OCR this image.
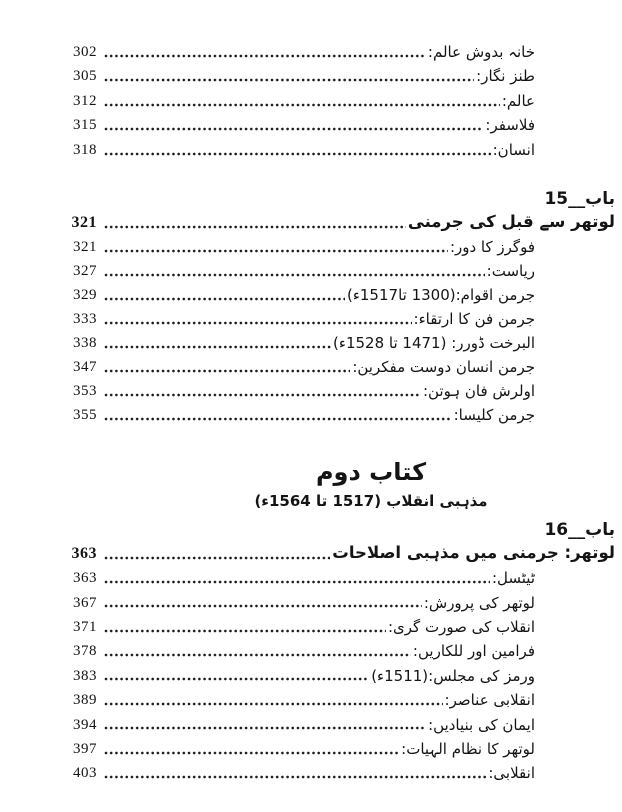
302	خانہ بدوش عالم:
305	طنز نگار:
312	عالم:
315	فلاسفر:
318	انسان:
باب__15
321	لوتھر سے قبل کی جرمنی
321	فوگرز کا دور:
327	ریاست:
329	جرمن اقوام:(1300 تا1517ء)
333	جرمن فن کا ارتقاء:
338	البرخت ڈورر: (1471 تا 1528ء)
347	جرمن انسان دوست مفکرین:
353	اولرش فان ہوتن:
355	جرمن کلیسا:
کتاب دوم
مذہبی انقلاب (1517 تا 1564ء)
باب__16
363	لوتھر: جرمنی میں مذہبی اصلاحات
363	ٹیٹسل:
367	لوتھر کی پرورش:
371	انقلاب کی صورت گری:
378	فرامین اور للکاریں:
383	ورمز کی مجلس:(1511ء)
389	انقلابی عناصر:
394	ایمان کی بنیادیں:
397	لوتھر کا نظام الہیات:
403	انقلابی:
